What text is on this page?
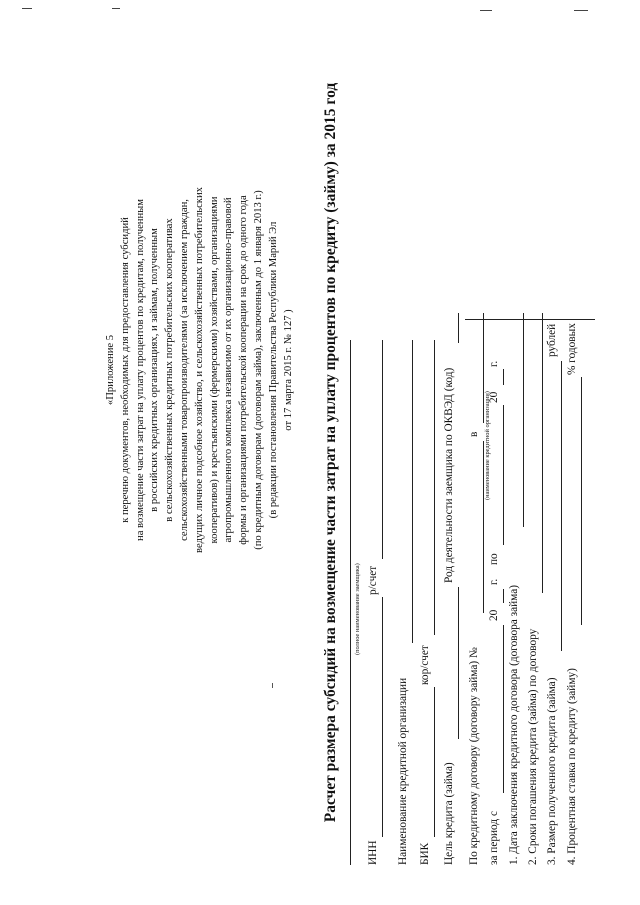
«Приложение 5 к перечню документов, необходимых для предоставления субсидий на возмещение части затрат на уплату процентов по кредитам, полученным в российских кредитных организациях, и займам, полученным в сельскохозяйственных кредитных потребительских кооперативах сельскохозяйственными товаропроизводителями (за исключением граждан, ведущих личное подсобное хозяйство, и сельскохозяйственных потребительских кооперативов) и крестьянскими (фермерскими) хозяйствами, организациями агропромышленного комплекса независимо от их организационно-правовой формы и организациями потребительской кооперации на срок до одного года (по кредитным договорам (договорам займа), заключенным до 1 января 2013 г.) (в редакции постановления Правительства Республики Марий Эл от 17 марта 2015 г. № 127 ) Расчет размера субсидий на возмещение части затрат на уплату процентов по кредиту (займу) за 2015 год (полное наименование заемщика)
ИНН
р/счет
Наименование кредитной организации БИК
кор/счет
Цель кредита (займа)
Род деятельности заемщика по ОКВЭД (код)
По кредитному договору (договору займа) №
в
за период с
20
г.
по
20
г.
(наименование кредитной организации)
1. Дата заключения кредитного договора (договора займа) 2. Сроки погашения кредита (займа) по договору 3. Размер полученного кредита (займа)
рублей
4. Процентная ставка по кредиту (займу)
% годовых
